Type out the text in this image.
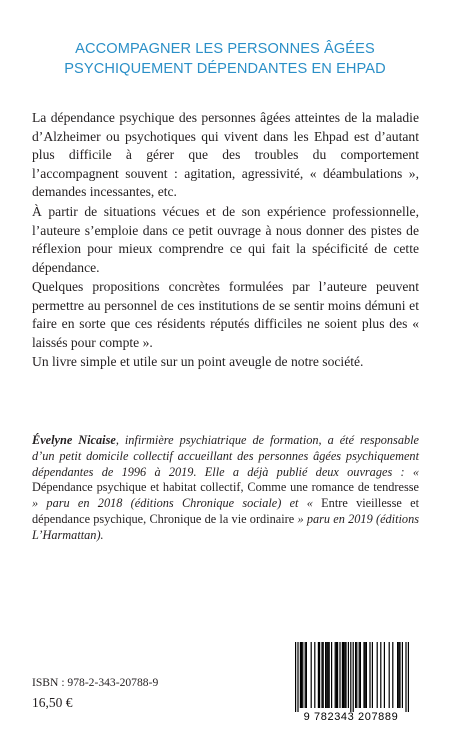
ACCOMPAGNER LES PERSONNES ÂGÉES
PSYCHIQUEMENT DÉPENDANTES EN EHPAD

La dépendance psychique des personnes âgées atteintes de la maladie d’Alzheimer ou psychotiques qui vivent dans les Ehpad est d’autant plus difficile à gérer que des troubles du comportement l’accompagnent souvent : agitation, agressivité, « déambulations », demandes incessantes, etc.

À partir de situations vécues et de son expérience professionnelle, l’auteure s’emploie dans ce petit ouvrage à nous donner des pistes de réflexion pour mieux comprendre ce qui fait la spécificité de cette dépendance.

Quelques propositions concrètes formulées par l’auteure peuvent permettre au personnel de ces institutions de se sentir moins démuni et faire en sorte que ces résidents réputés difficiles ne soient plus des « laissés pour compte ».

Un livre simple et utile sur un point aveugle de notre société.

Évelyne Nicaise, infirmière psychiatrique de formation, a été responsable d’un petit domicile collectif accueillant des personnes âgées psychiquement dépendantes de 1996 à 2019. Elle a déjà publié deux ouvrages : « Dépendance psychique et habitat collectif, Comme une romance de tendresse » paru en 2018 (éditions Chronique sociale) et « Entre vieillesse et dépendance psychique, Chronique de la vie ordinaire » paru en 2019 (éditions L’Harmattan).

ISBN : 978-2-343-20788-9
16,50 €
9 782343 207889
